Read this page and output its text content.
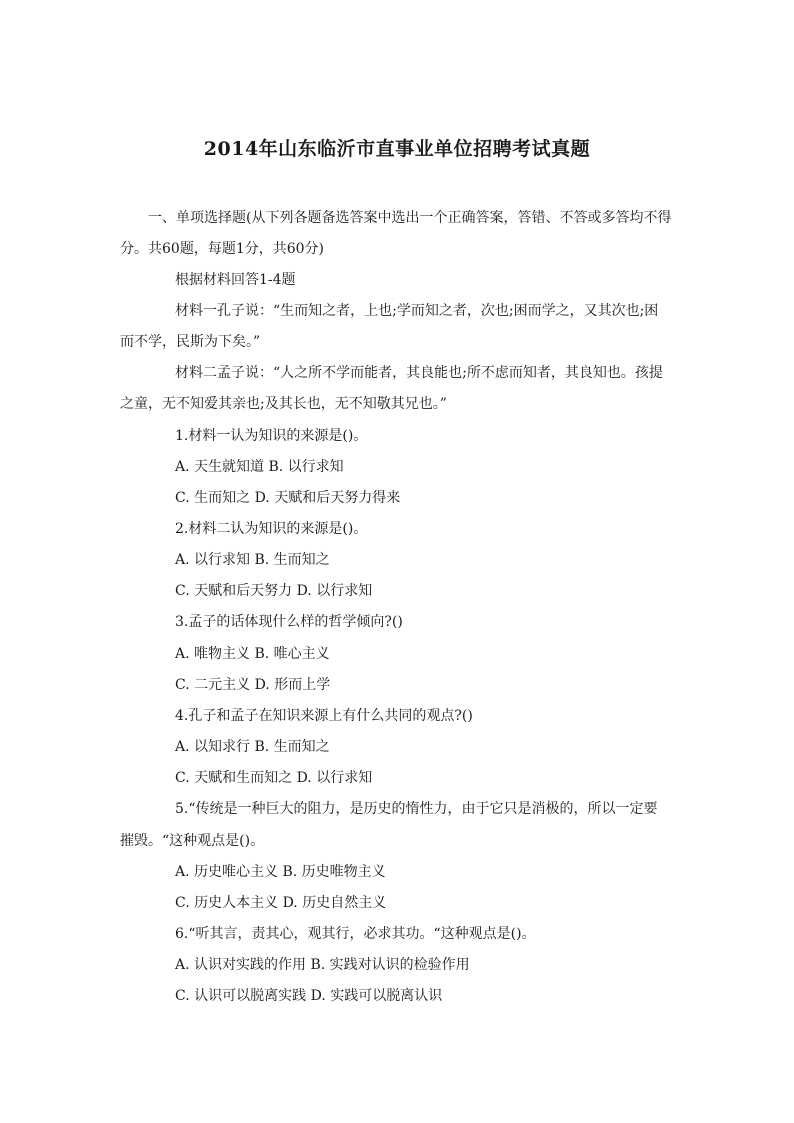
2014年山东临沂市直事业单位招聘考试真题
一、单项选择题(从下列各题备选答案中选出一个正确答案，答错、不答或多答均不得
分。共60题，每题1分，共60分)
根据材料回答1-4题
材料一孔子说：“生而知之者，上也;学而知之者，次也;困而学之，又其次也;困
而不学，民斯为下矣。”
材料二孟子说：“人之所不学而能者，其良能也;所不虑而知者，其良知也。孩提
之童，无不知爱其亲也;及其长也，无不知敬其兄也。”
1.材料一认为知识的来源是()。
A. 天生就知道 B. 以行求知
C. 生而知之 D. 天赋和后天努力得来
2.材料二认为知识的来源是()。
A. 以行求知 B. 生而知之
C. 天赋和后天努力 D. 以行求知
3.孟子的话体现什么样的哲学倾向?()
A. 唯物主义 B. 唯心主义
C. 二元主义 D. 形而上学
4.孔子和孟子在知识来源上有什么共同的观点?()
A. 以知求行 B. 生而知之
C. 天赋和生而知之 D. 以行求知
5.“传统是一种巨大的阻力，是历史的惰性力，由于它只是消极的，所以一定要
摧毁。“这种观点是()。
A. 历史唯心主义 B. 历史唯物主义
C. 历史人本主义 D. 历史自然主义
6.“听其言，责其心，观其行，必求其功。“这种观点是()。
A. 认识对实践的作用 B. 实践对认识的检验作用
C. 认识可以脱离实践 D. 实践可以脱离认识
